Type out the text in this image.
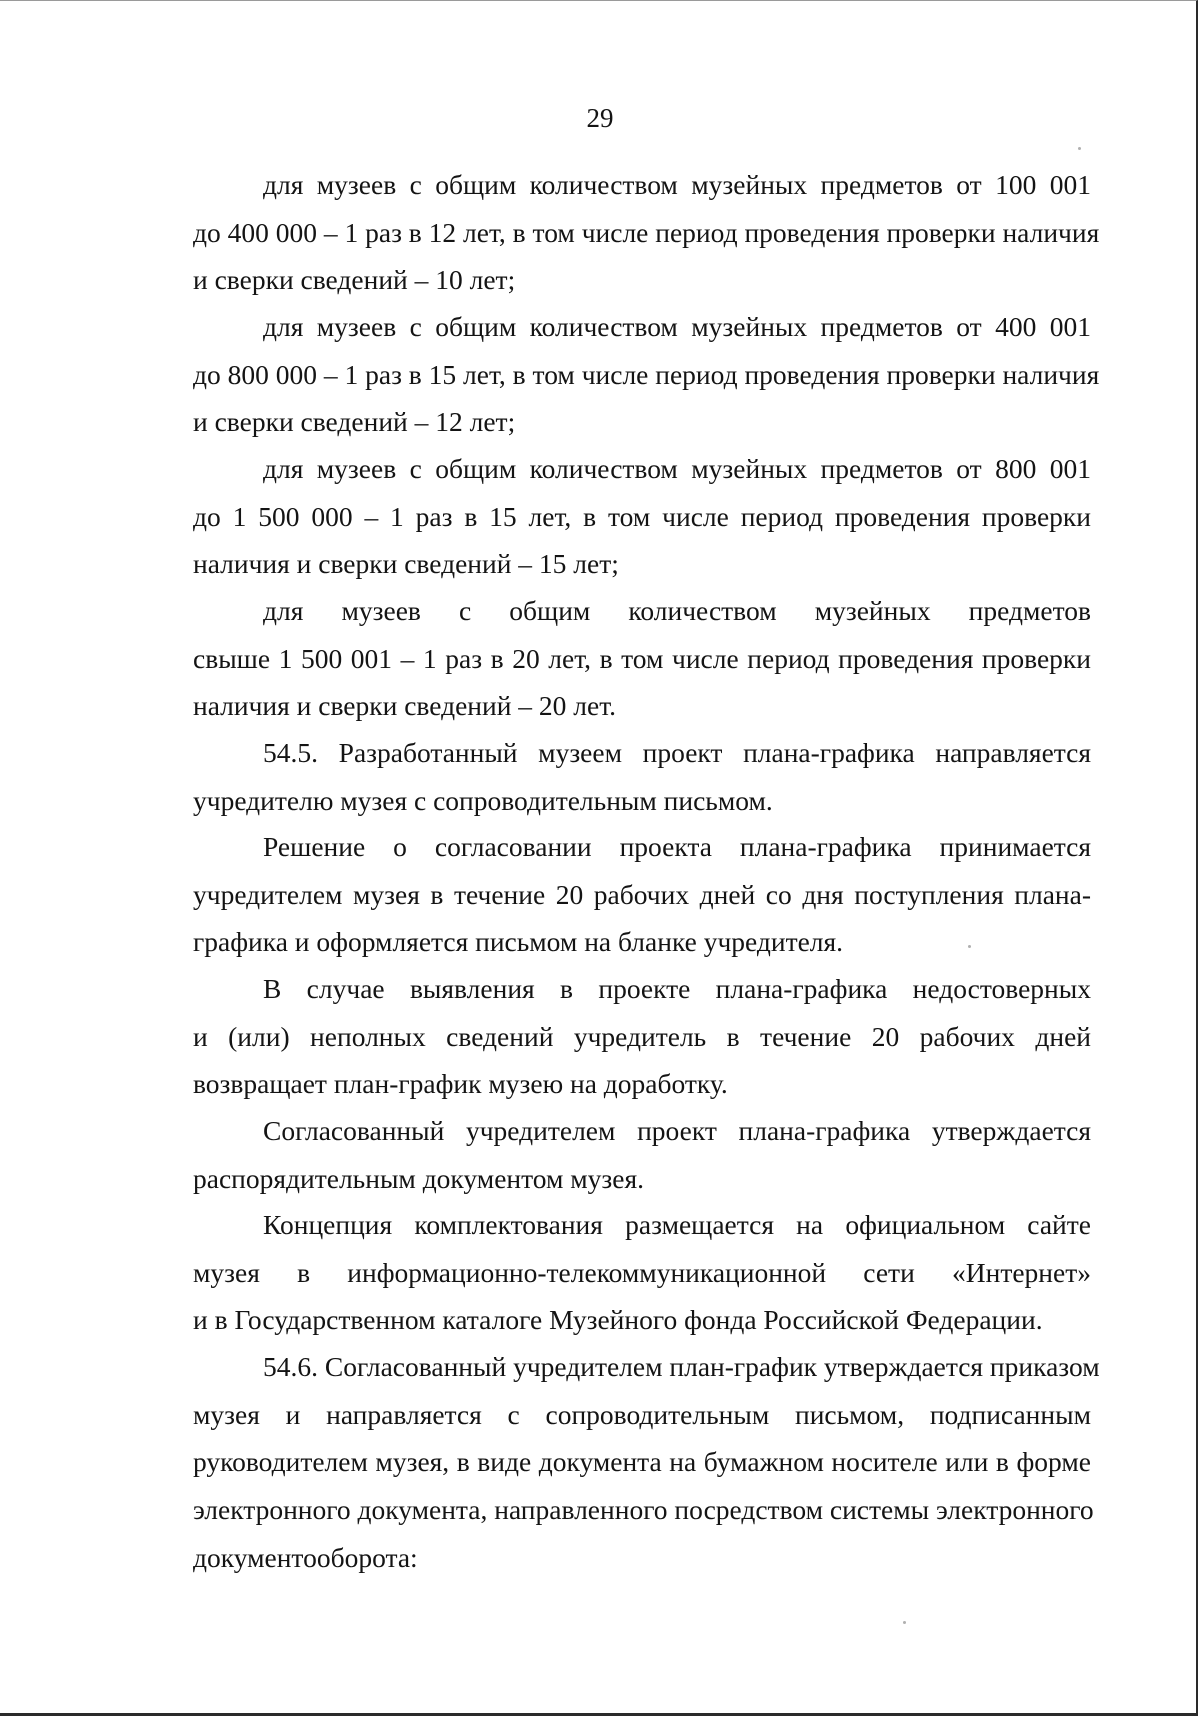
29
для музеев с общим количеством музейных предметов от 100 001
до 400 000 – 1 раз в 12 лет, в том числе период проведения проверки наличия
и сверки сведений – 10 лет;
для музеев с общим количеством музейных предметов от 400 001
до 800 000 – 1 раз в 15 лет, в том числе период проведения проверки наличия
и сверки сведений – 12 лет;
для музеев с общим количеством музейных предметов от 800 001
до 1 500 000 – 1 раз в 15 лет, в том числе период проведения проверки
наличия и сверки сведений – 15 лет;
для музеев с общим количеством музейных предметов
свыше 1 500 001 – 1 раз в 20 лет, в том числе период проведения проверки
наличия и сверки сведений – 20 лет.
54.5. Разработанный музеем проект плана-графика направляется
учредителю музея с сопроводительным письмом.
Решение о согласовании проекта плана-графика принимается
учредителем музея в течение 20 рабочих дней со дня поступления плана-
графика и оформляется письмом на бланке учредителя.
В случае выявления в проекте плана-графика недостоверных
и (или) неполных сведений учредитель в течение 20 рабочих дней
возвращает план-график музею на доработку.
Согласованный учредителем проект плана-графика утверждается
распорядительным документом музея.
Концепция комплектования размещается на официальном сайте
музея в информационно-телекоммуникационной сети «Интернет»
и в Государственном каталоге Музейного фонда Российской Федерации.
54.6. Согласованный учредителем план-график утверждается приказом
музея и направляется с сопроводительным письмом, подписанным
руководителем музея, в виде документа на бумажном носителе или в форме
электронного документа, направленного посредством системы электронного
документооборота:
